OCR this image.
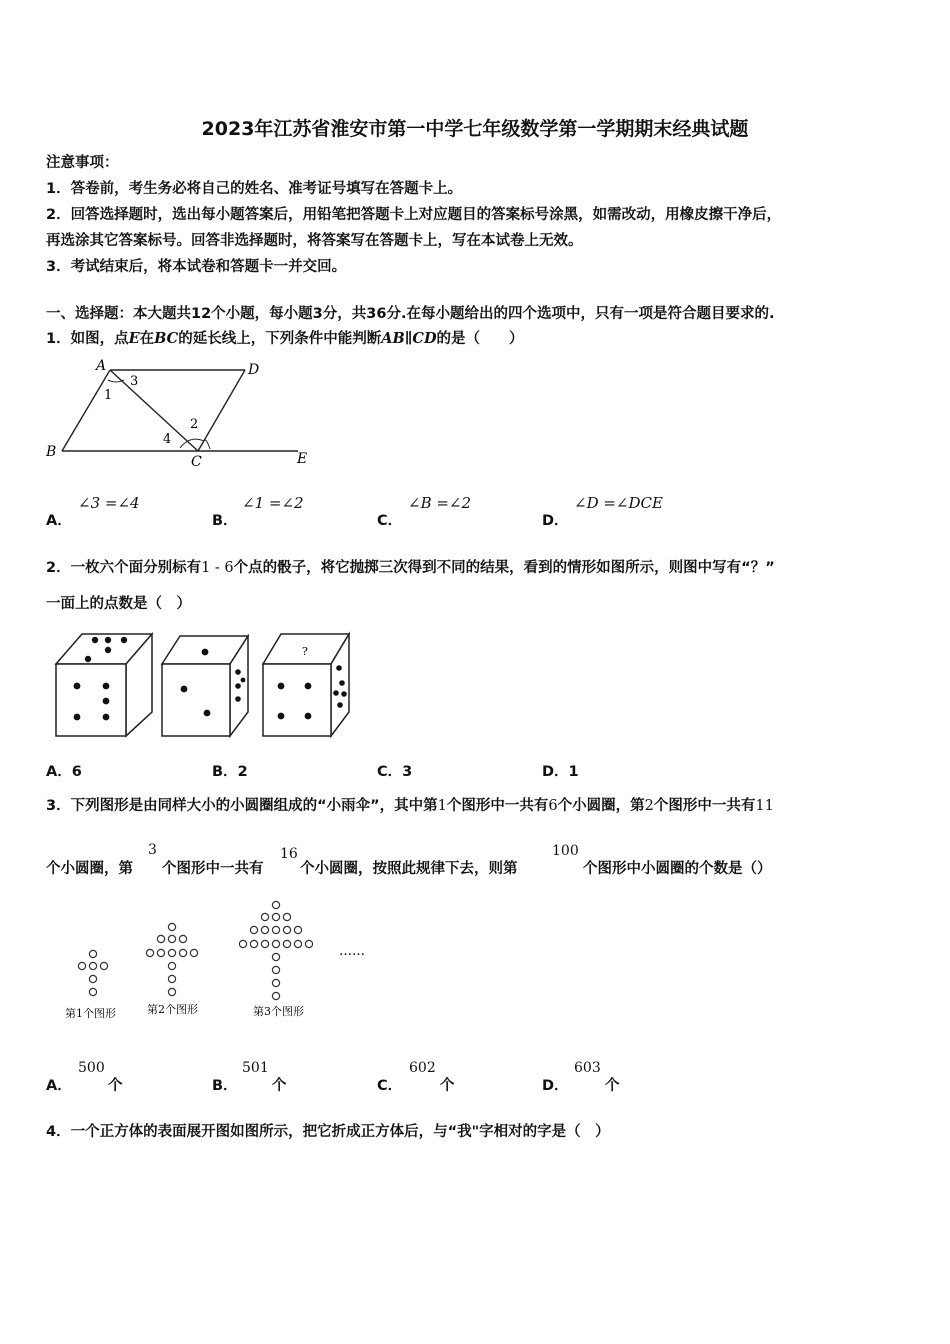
2023年江苏省淮安市第一中学七年级数学第一学期期末经典试题
注意事项：
1．答卷前，考生务必将自己的姓名、准考证号填写在答题卡上。
2．回答选择题时，选出每小题答案后，用铅笔把答题卡上对应题目的答案标号涂黑，如需改动，用橡皮擦干净后，
再选涂其它答案标号。回答非选择题时，将答案写在答题卡上，写在本试卷上无效。
3．考试结束后，将本试卷和答题卡一并交回。
一、选择题：本大题共12个小题，每小题3分，共36分.在每小题给出的四个选项中，只有一项是符合题目要求的.
1．如图，点E在BC的延长线上，下列条件中能判断AB∥CD的是（　　）
A	D
B
C	E
1
3
2
4
A．
∠3 =∠4
B．
∠1 =∠2
C．
∠B =∠2
D．
∠D =∠DCE
2．一枚六个面分别标有1 - 6个点的骰子，将它抛掷三次得到不同的结果，看到的情形如图所示，则图中写有“？”
一面上的点数是（　）
?
A．6	B．2	C．3	D．1
3．下列图形是由同样大小的小圆圈组成的“小雨伞”，其中第1个图形中一共有6个小圆圈，第2个图形中一共有11
个小圆圈，第
3
个图形中一共有
16
个小圆圈，按照此规律下去，则第
100
个图形中小圆圈的个数是（）
……
第1个图形	第2个图形	第3个图形
A．
500
个	B．
501
个	C．
602
个	D．
603
个
4．一个正方体的表面展开图如图所示，把它折成正方体后，与“我"字相对的字是（　）
